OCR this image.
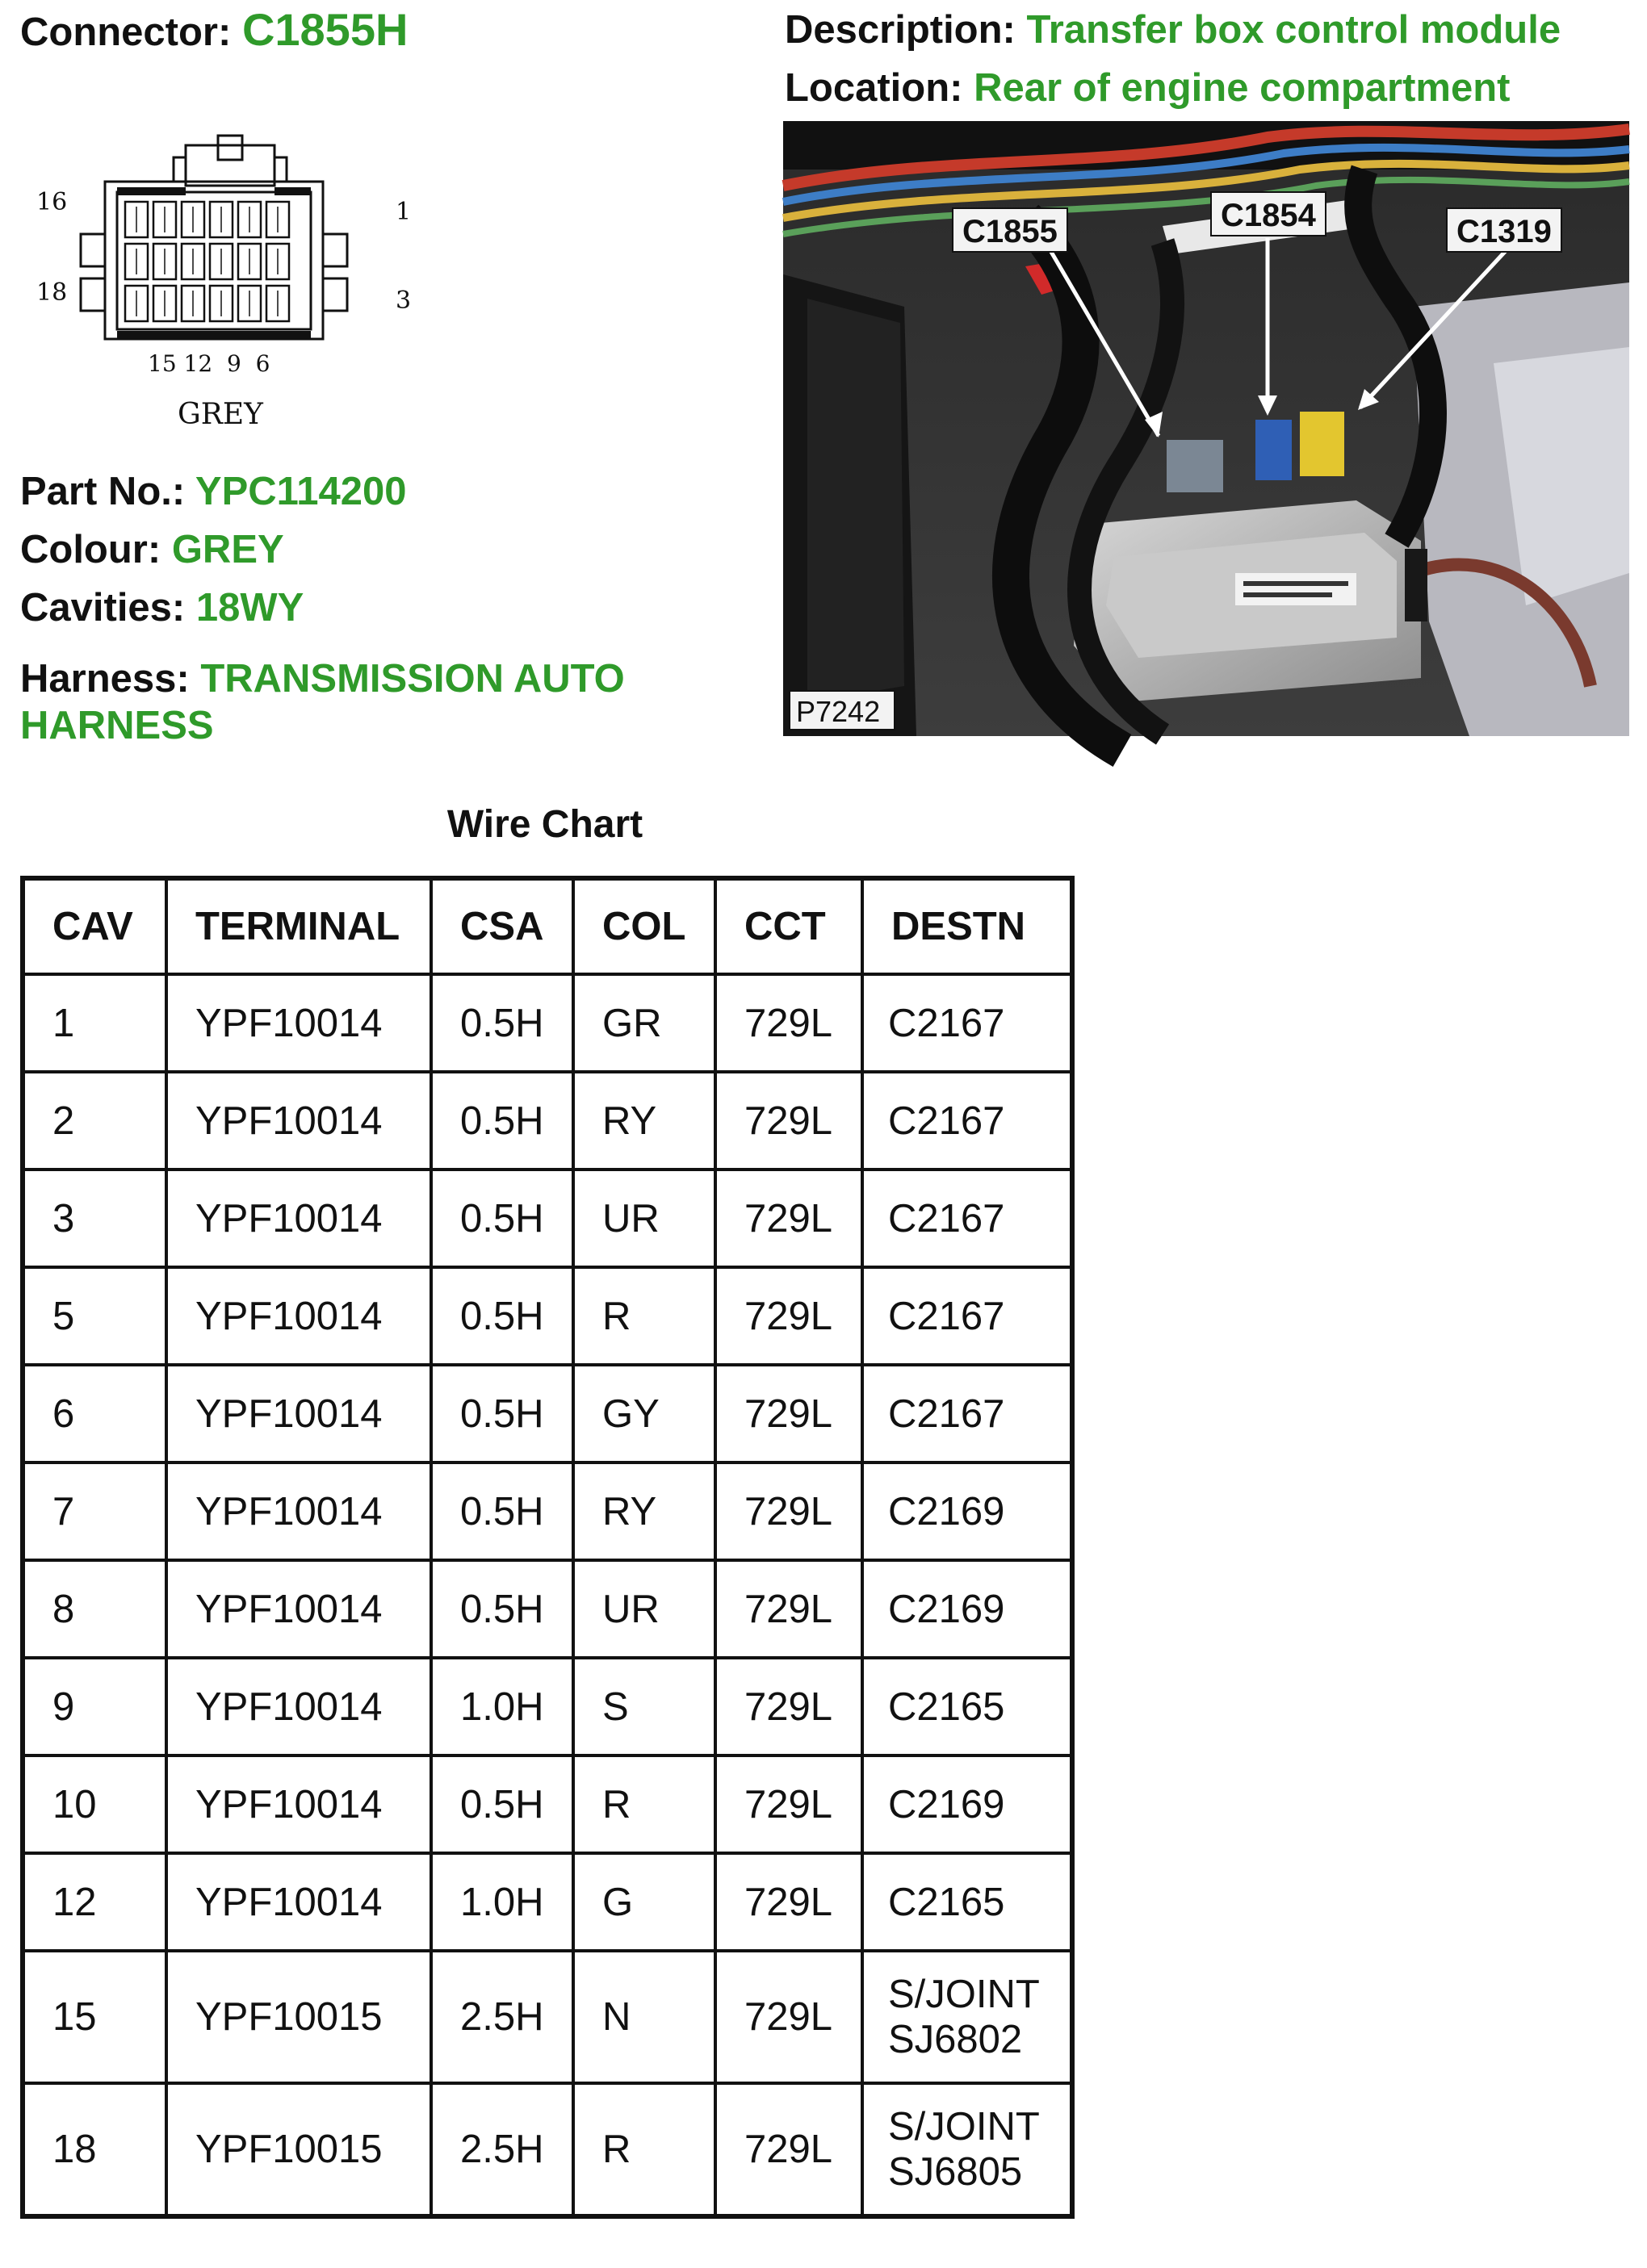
Connector: C1855H	Description: Transfer box control module
Location: Rear of engine compartment
16
18
1
3
15 12  9  6
GREY
C1855	C1854	C1319
P7242
Part No.: YPC114200
Colour: GREY
Cavities: 18WY
Harness: TRANSMISSION AUTO HARNESS
Wire Chart
CAV	TERMINAL	CSA	COL	CCT	DESTN
1	YPF10014	0.5H	GR	729L	C2167
2	YPF10014	0.5H	RY	729L	C2167
3	YPF10014	0.5H	UR	729L	C2167
5	YPF10014	0.5H	R	729L	C2167
6	YPF10014	0.5H	GY	729L	C2167
7	YPF10014	0.5H	RY	729L	C2169
8	YPF10014	0.5H	UR	729L	C2169
9	YPF10014	1.0H	S	729L	C2165
10	YPF10014	0.5H	R	729L	C2169
12	YPF10014	1.0H	G	729L	C2165
15	YPF10015	2.5H	N	729L	S/JOINT
SJ6802
18	YPF10015	2.5H	R	729L	S/JOINT
SJ6805
